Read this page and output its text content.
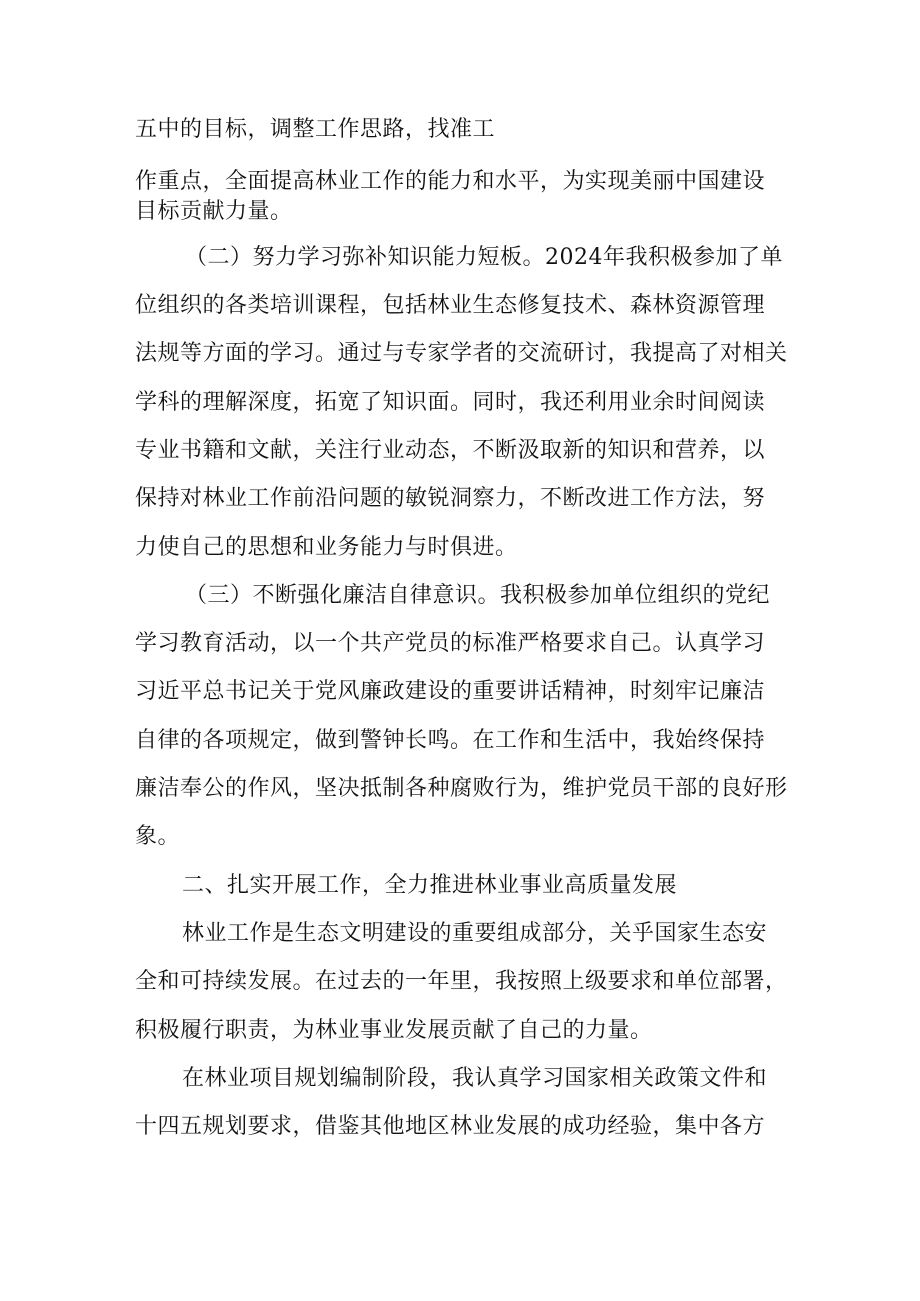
五中的目标，调整工作思路，找准工
作重点，全面提高林业工作的能力和水平，为实现美丽中国建设
目标贡献力量。
（二）努力学习弥补知识能力短板。2024年我积极参加了单
位组织的各类培训课程，包括林业生态修复技术、森林资源管理
法规等方面的学习。通过与专家学者的交流研讨，我提高了对相关
学科的理解深度，拓宽了知识面。同时，我还利用业余时间阅读
专业书籍和文献，关注行业动态，不断汲取新的知识和营养，以
保持对林业工作前沿问题的敏锐洞察力，不断改进工作方法，努
力使自己的思想和业务能力与时俱进。
（三）不断强化廉洁自律意识。我积极参加单位组织的党纪
学习教育活动，以一个共产党员的标准严格要求自己。认真学习
习近平总书记关于党风廉政建设的重要讲话精神，时刻牢记廉洁
自律的各项规定，做到警钟长鸣。在工作和生活中，我始终保持
廉洁奉公的作风，坚决抵制各种腐败行为，维护党员干部的良好形
象。
二、扎实开展工作，全力推进林业事业高质量发展
林业工作是生态文明建设的重要组成部分，关乎国家生态安
全和可持续发展。在过去的一年里，我按照上级要求和单位部署，
积极履行职责，为林业事业发展贡献了自己的力量。
在林业项目规划编制阶段，我认真学习国家相关政策文件和
十四五规划要求，借鉴其他地区林业发展的成功经验，集中各方
